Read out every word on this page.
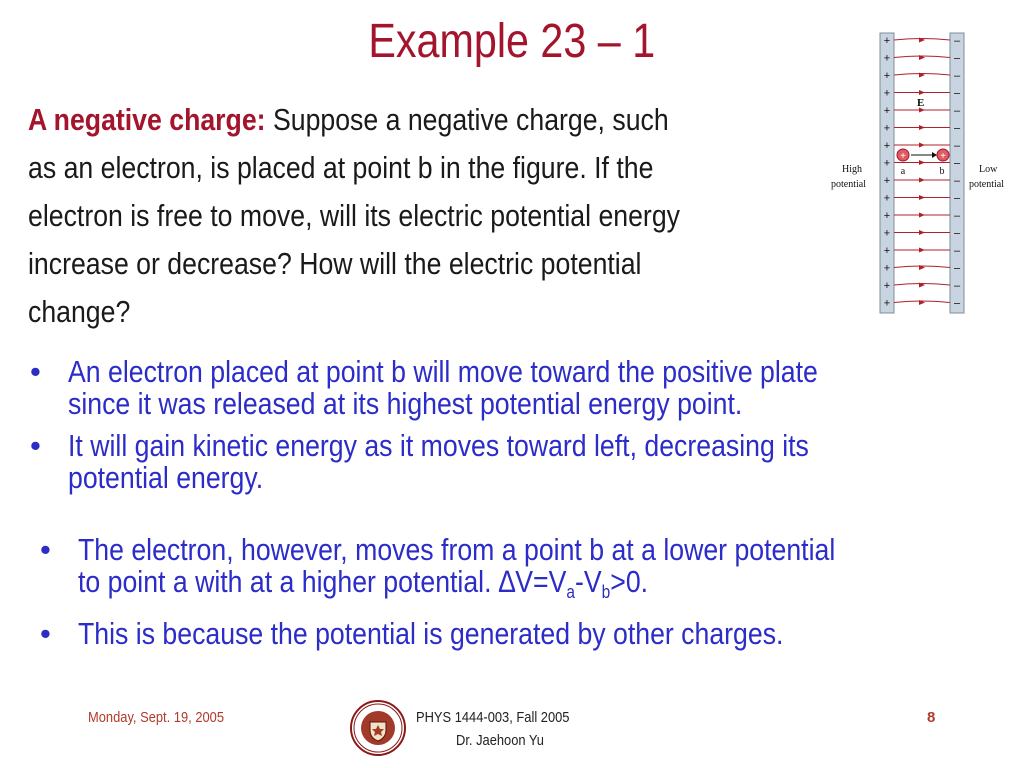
Example 23 – 1
A negative charge: Suppose a negative charge, such
as an electron, is placed at point b in the figure. If the
electron is free to move, will its electric potential energy
increase or decrease? How will the electric potential
change?
• An electron placed at point b will move toward the positive plate
since it was released at its highest potential energy point.
• It will gain kinetic energy as it moves toward left, decreasing its
potential energy.
• The electron, however, moves from a point b at a lower potential
to point a with at a higher potential. $\Delta V=V_a-V_b>0$.
• This is because the potential is generated by other charges.
+
+
+
+
+
+
+
+
+
+
+
+
+
+
+
+
–
–
–
–
–
–
–
–
–
–
–
–
–
–
–
–
E
+	+
a	b
High
potential
Low
potential
Monday, Sept. 19, 2005	PHYS 1444-003, Fall 2005
Dr. Jaehoon Yu
8
